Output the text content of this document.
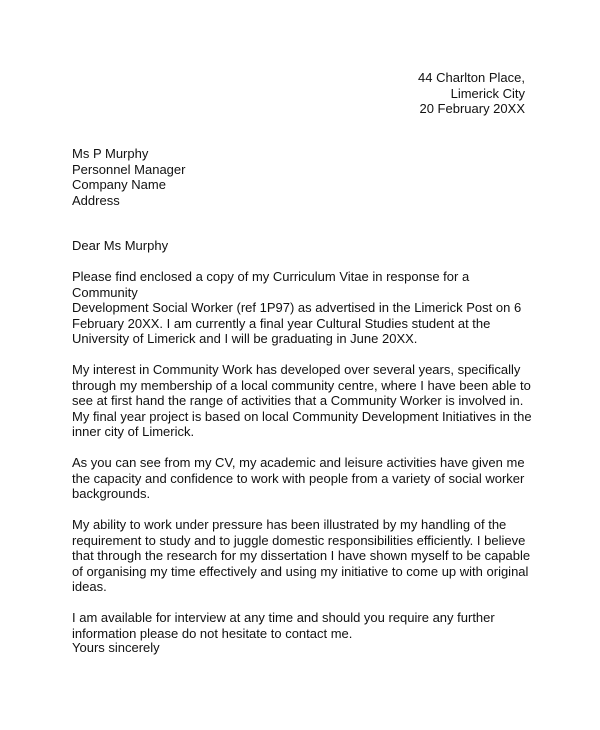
44 Charlton Place,
Limerick City
20 February 20XX
Ms P Murphy
Personnel Manager
Company Name
Address
Dear Ms Murphy

Please find enclosed a copy of my Curriculum Vitae in response for a Community
Development Social Worker (ref 1P97) as advertised in the Limerick Post on 6
February 20XX. I am currently a final year Cultural Studies student at the
University of Limerick and I will be graduating in June 20XX.

My interest in Community Work has developed over several years, specifically
through my membership of a local community centre, where I have been able to
see at first hand the range of activities that a Community Worker is involved in.
My final year project is based on local Community Development Initiatives in the
inner city of Limerick.

As you can see from my CV, my academic and leisure activities have given me
the capacity and confidence to work with people from a variety of social worker
backgrounds.

My ability to work under pressure has been illustrated by my handling of the
requirement to study and to juggle domestic responsibilities efficiently. I believe
that through the research for my dissertation I have shown myself to be capable
of organising my time effectively and using my initiative to come up with original
ideas.

I am available for interview at any time and should you require any further
information please do not hesitate to contact me.

Yours sincerely
